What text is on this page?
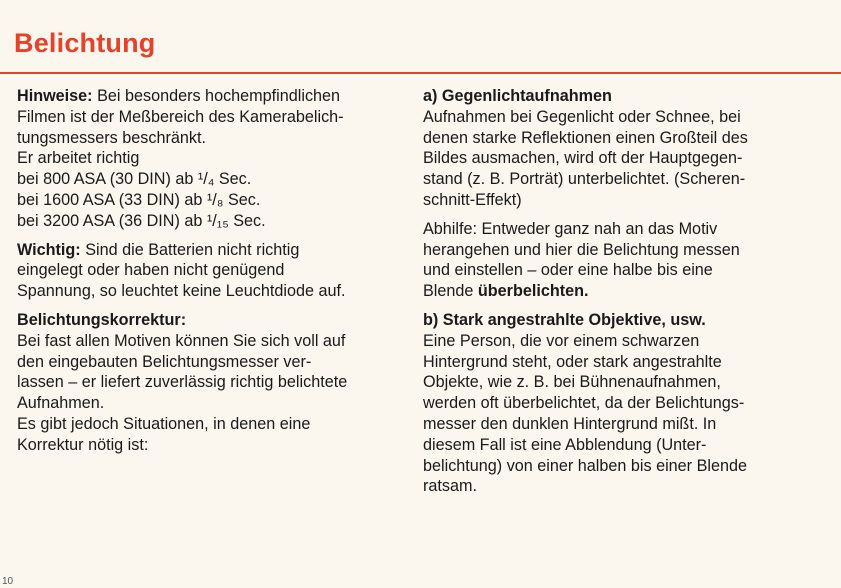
Belichtung

Hinweise: Bei besonders hochempfindlichen
Filmen ist der Meßbereich des Kamerabelich-
tungsmessers beschränkt.
Er arbeitet richtig
bei 800 ASA (30 DIN) ab ¹/₄ Sec.
bei 1600 ASA (33 DIN) ab ¹/₈ Sec.
bei 3200 ASA (36 DIN) ab ¹/₁₅ Sec.

Wichtig: Sind die Batterien nicht richtig
eingelegt oder haben nicht genügend
Spannung, so leuchtet keine Leuchtdiode auf.

Belichtungskorrektur:
Bei fast allen Motiven können Sie sich voll auf
den eingebauten Belichtungsmesser ver-
lassen – er liefert zuverlässig richtig belichtete
Aufnahmen.
Es gibt jedoch Situationen, in denen eine
Korrektur nötig ist:

a) Gegenlichtaufnahmen
Aufnahmen bei Gegenlicht oder Schnee, bei
denen starke Reflektionen einen Großteil des
Bildes ausmachen, wird oft der Hauptgegen-
stand (z. B. Porträt) unterbelichtet. (Scheren-
schnitt-Effekt)

Abhilfe: Entweder ganz nah an das Motiv
herangehen und hier die Belichtung messen
und einstellen – oder eine halbe bis eine
Blende überbelichten.

b) Stark angestrahlte Objektive, usw.
Eine Person, die vor einem schwarzen
Hintergrund steht, oder stark angestrahlte
Objekte, wie z. B. bei Bühnenaufnahmen,
werden oft überbelichtet, da der Belichtungs-
messer den dunklen Hintergrund mißt. In
diesem Fall ist eine Abblendung (Unter-
belichtung) von einer halben bis einer Blende
ratsam.

10
